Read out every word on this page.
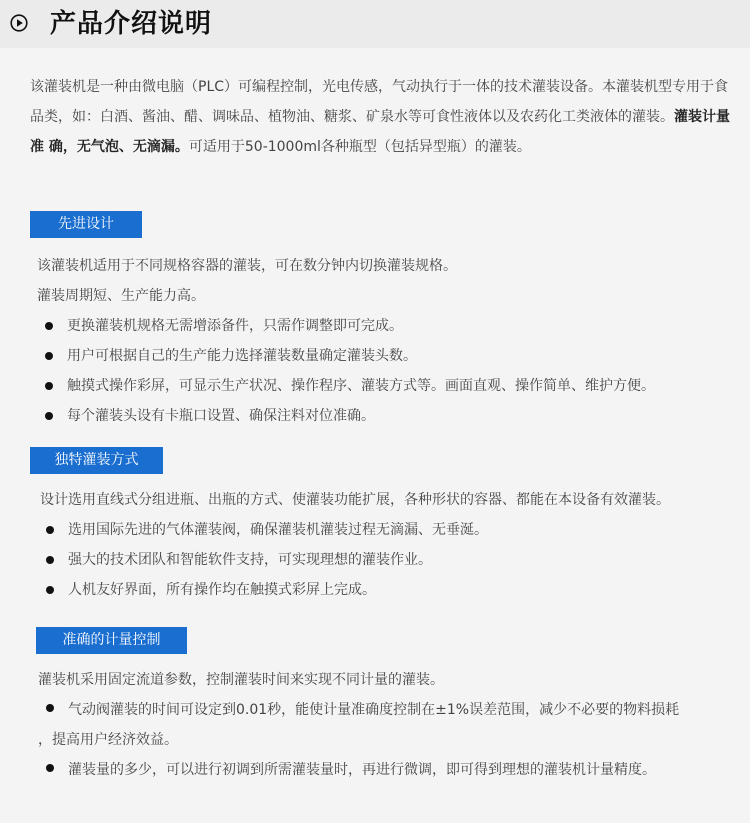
产品介绍说明
该灌装机是一种由微电脑（PLC）可编程控制，光电传感，气动执行于一体的技术灌装设备。本灌装机型专用于食品类，如：白酒、酱油、醋、调味品、植物油、糖浆、矿泉水等可食性液体以及农药化工类液体的灌装。灌装计量准 确，无气泡、无滴漏。可适用于50-1000ml各种瓶型（包括异型瓶）的灌装。
先进设计
该灌装机适用于不同规格容器的灌装，可在数分钟内切换灌装规格。
灌装周期短、生产能力高。
更换灌装机规格无需增添备件，只需作调整即可完成。
用户可根据自己的生产能力选择灌装数量确定灌装头数。
触摸式操作彩屏，可显示生产状况、操作程序、灌装方式等。画面直观、操作简单、维护方便。
每个灌装头设有卡瓶口设置、确保注料对位准确。
独特灌装方式
设计选用直线式分组进瓶、出瓶的方式、使灌装功能扩展，各种形状的容器、都能在本设备有效灌装。
选用国际先进的气体灌装阀，确保灌装机灌装过程无滴漏、无垂涎。
强大的技术团队和智能软件支持，可实现理想的灌装作业。
人机友好界面，所有操作均在触摸式彩屏上完成。
准确的计量控制
灌装机采用固定流道参数，控制灌装时间来实现不同计量的灌装。
气动阀灌装的时间可设定到0.01秒，能使计量准确度控制在±1%误差范围，减少不必要的物料损耗
，提高用户经济效益。
灌装量的多少，可以进行初调到所需灌装量时，再进行微调，即可得到理想的灌装机计量精度。
